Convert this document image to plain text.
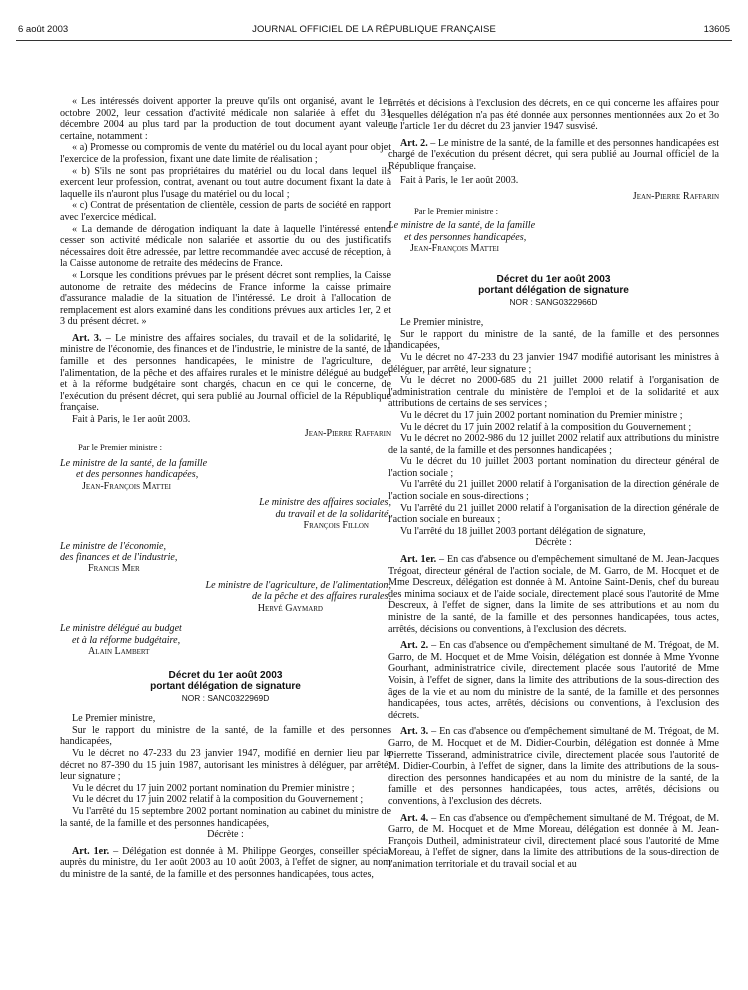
6 août 2003	JOURNAL OFFICIEL DE LA RÉPUBLIQUE FRANÇAISE	13605

« Les intéressés doivent apporter la preuve qu'ils ont organisé, avant le 1er octobre 2002, leur cessation d'activité médicale non salariée à effet du 31 décembre 2004 au plus tard par la production de tout document ayant valeur certaine, notamment :

« a) Promesse ou compromis de vente du matériel ou du local ayant pour objet l'exercice de la profession, fixant une date limite de réalisation ;

« b) S'ils ne sont pas propriétaires du matériel ou du local dans lequel ils exercent leur profession, contrat, avenant ou tout autre document fixant la date à laquelle ils n'auront plus l'usage du matériel ou du local ;

« c) Contrat de présentation de clientèle, cession de parts de société en rapport avec l'exercice médical.

« La demande de dérogation indiquant la date à laquelle l'intéressé entend cesser son activité médicale non salariée et assortie du ou des justificatifs nécessaires doit être adressée, par lettre recommandée avec accusé de réception, à la Caisse autonome de retraite des médecins de France.

« Lorsque les conditions prévues par le présent décret sont remplies, la Caisse autonome de retraite des médecins de France informe la caisse primaire d'assurance maladie de la situation de l'intéressé. Le droit à l'allocation de remplacement est alors examiné dans les conditions prévues aux articles 1er, 2 et 3 du présent décret. »

Art. 3. – Le ministre des affaires sociales, du travail et de la solidarité, le ministre de l'économie, des finances et de l'industrie, le ministre de la santé, de la famille et des personnes handicapées, le ministre de l'agriculture, de l'alimentation, de la pêche et des affaires rurales et le ministre délégué au budget et à la réforme budgétaire sont chargés, chacun en ce qui le concerne, de l'exécution du présent décret, qui sera publié au Journal officiel de la République française.

Fait à Paris, le 1er août 2003.

Jean-Pierre Raffarin
Par le Premier ministre :
Le ministre de la santé, de la famille
et des personnes handicapées,
Jean-François Mattei
Le ministre des affaires sociales,
du travail et de la solidarité,
François Fillon
Le ministre de l'économie,
des finances et de l'industrie,
Francis Mer
Le ministre de l'agriculture, de l'alimentation,
de la pêche et des affaires rurales,
Hervé Gaymard
Le ministre délégué au budget
et à la réforme budgétaire,
Alain Lambert
Décret du 1er août 2003
portant délégation de signature
NOR : SANC0322969D

Le Premier ministre,

Sur le rapport du ministre de la santé, de la famille et des personnes handicapées,

Vu le décret no 47-233 du 23 janvier 1947, modifié en dernier lieu par le décret no 87-390 du 15 juin 1987, autorisant les ministres à déléguer, par arrêté, leur signature ;

Vu le décret du 17 juin 2002 portant nomination du Premier ministre ;

Vu le décret du 17 juin 2002 relatif à la composition du Gouvernement ;

Vu l'arrêté du 15 septembre 2002 portant nomination au cabinet du ministre de la santé, de la famille et des personnes handicapées,

Décrète :

Art. 1er. – Délégation est donnée à M. Philippe Georges, conseiller spécial auprès du ministre, du 1er août 2003 au 10 août 2003, à l'effet de signer, au nom du ministre de la santé, de la famille et des personnes handicapées, tous actes,

arrêtés et décisions à l'exclusion des décrets, en ce qui concerne les affaires pour lesquelles délégation n'a pas été donnée aux personnes mentionnées aux 2o et 3o de l'article 1er du décret du 23 janvier 1947 susvisé.

Art. 2. – Le ministre de la santé, de la famille et des personnes handicapées est chargé de l'exécution du présent décret, qui sera publié au Journal officiel de la République française.

Fait à Paris, le 1er août 2003.

Jean-Pierre Raffarin
Par le Premier ministre :
Le ministre de la santé, de la famille
et des personnes handicapées,
Jean-François Mattei
Décret du 1er août 2003
portant délégation de signature
NOR : SANG0322966D

Le Premier ministre,

Sur le rapport du ministre de la santé, de la famille et des personnes handicapées,

Vu le décret no 47-233 du 23 janvier 1947 modifié autorisant les ministres à déléguer, par arrêté, leur signature ;

Vu le décret no 2000-685 du 21 juillet 2000 relatif à l'organisation de l'administration centrale du ministère de l'emploi et de la solidarité et aux attributions de certains de ses services ;

Vu le décret du 17 juin 2002 portant nomination du Premier ministre ;

Vu le décret du 17 juin 2002 relatif à la composition du Gouvernement ;

Vu le décret no 2002-986 du 12 juillet 2002 relatif aux attributions du ministre de la santé, de la famille et des personnes handicapées ;

Vu le décret du 10 juillet 2003 portant nomination du directeur général de l'action sociale ;

Vu l'arrêté du 21 juillet 2000 relatif à l'organisation de la direction générale de l'action sociale en sous-directions ;

Vu l'arrêté du 21 juillet 2000 relatif à l'organisation de la direction générale de l'action sociale en bureaux ;

Vu l'arrêté du 18 juillet 2003 portant délégation de signature,

Décrète :

Art. 1er. – En cas d'absence ou d'empêchement simultané de M. Jean-Jacques Trégoat, directeur général de l'action sociale, de M. Garro, de M. Hocquet et de Mme Descreux, délégation est donnée à M. Antoine Saint-Denis, chef du bureau des minima sociaux et de l'aide sociale, directement placé sous l'autorité de Mme Descreux, à l'effet de signer, dans la limite de ses attributions et au nom du ministre de la santé, de la famille et des personnes handicapées, tous actes, arrêtés, décisions ou conventions, à l'exclusion des décrets.

Art. 2. – En cas d'absence ou d'empêchement simultané de M. Trégoat, de M. Garro, de M. Hocquet et de Mme Voisin, délégation est donnée à Mme Yvonne Gourhant, administratrice civile, directement placée sous l'autorité de Mme Voisin, à l'effet de signer, dans la limite des attributions de la sous-direction des âges de la vie et au nom du ministre de la santé, de la famille et des personnes handicapées, tous actes, arrêtés, décisions ou conventions, à l'exclusion des décrets.

Art. 3. – En cas d'absence ou d'empêchement simultané de M. Trégoat, de M. Garro, de M. Hocquet et de M. Didier-Courbin, délégation est donnée à Mme Pierrette Tisserand, administratrice civile, directement placée sous l'autorité de M. Didier-Courbin, à l'effet de signer, dans la limite des attributions de la sous-direction des personnes handicapées et au nom du ministre de la santé, de la famille et des personnes handicapées, tous actes, arrêtés, décisions ou conventions, à l'exclusion des décrets.

Art. 4. – En cas d'absence ou d'empêchement simultané de M. Trégoat, de M. Garro, de M. Hocquet et de Mme Moreau, délégation est donnée à M. Jean-François Dutheil, administrateur civil, directement placé sous l'autorité de Mme Moreau, à l'effet de signer, dans la limite des attributions de la sous-direction de l'animation territoriale et du travail social et au
